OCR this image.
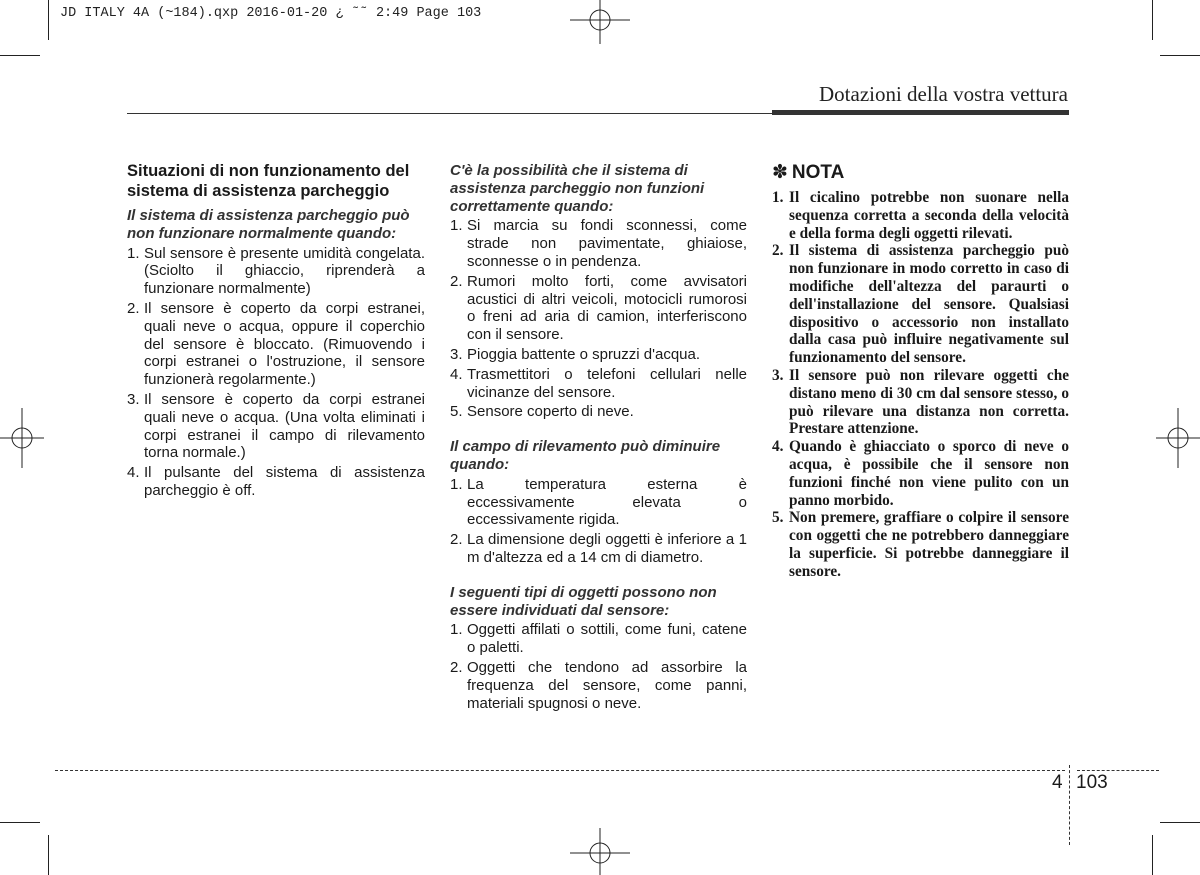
JD ITALY 4A (~184).qxp 2016-01-20 ¿ ˜˜ 2:49 Page 103
Dotazioni della vostra vettura
Situazioni di non funzionamento del sistema di assistenza parcheggio
Il sistema di assistenza parcheggio può non funzionare normalmente quando:
1. Sul sensore è presente umidità congelata. (Sciolto il ghiaccio, riprenderà a funzionare normalmente)
2. Il sensore è coperto da corpi estranei, quali neve o acqua, oppure il coperchio del sensore è bloccato. (Rimuovendo i corpi estranei o l'ostruzione, il sensore funzionerà regolarmente.)
3. Il sensore è coperto da corpi estranei quali neve o acqua. (Una volta eliminati i corpi estranei il campo di rilevamento torna normale.)
4. Il pulsante del sistema di assistenza parcheggio è off.
C'è la possibilità che il sistema di assistenza parcheggio non funzioni correttamente quando:
1. Si marcia su fondi sconnessi, come strade non pavimentate, ghiaiose, sconnesse o in pendenza.
2. Rumori molto forti, come avvisatori acustici di altri veicoli, motocicli rumorosi o freni ad aria di camion, interferiscono con il sensore.
3. Pioggia battente o spruzzi d'acqua.
4. Trasmettitori o telefoni cellulari nelle vicinanze del sensore.
5. Sensore coperto di neve.
Il campo di rilevamento può diminuire quando:
1. La temperatura esterna è eccessivamente elevata o eccessivamente rigida.
2. La dimensione degli oggetti è inferiore a 1 m d'altezza ed a 14 cm di diametro.
I seguenti tipi di oggetti possono non essere individuati dal sensore:
1. Oggetti affilati o sottili, come funi, catene o paletti.
2. Oggetti che tendono ad assorbire la frequenza del sensore, come panni, materiali spugnosi o neve.
✽ NOTA
1. Il cicalino potrebbe non suonare nella sequenza corretta a seconda della velocità e della forma degli oggetti rilevati.
2. Il sistema di assistenza parcheggio può non funzionare in modo corretto in caso di modifiche dell'altezza del paraurti o dell'installazione del sensore. Qualsiasi dispositivo o accessorio non installato dalla casa può influire negativamente sul funzionamento del sensore.
3. Il sensore può non rilevare oggetti che distano meno di 30 cm dal sensore stesso, o può rilevare una distanza non corretta. Prestare attenzione.
4. Quando è ghiacciato o sporco di neve o acqua, è possibile che il sensore non funzioni finché non viene pulito con un panno morbido.
5. Non premere, graffiare o colpire il sensore con oggetti che ne potrebbero danneggiare la superficie. Si potrebbe danneggiare il sensore.
4 103
